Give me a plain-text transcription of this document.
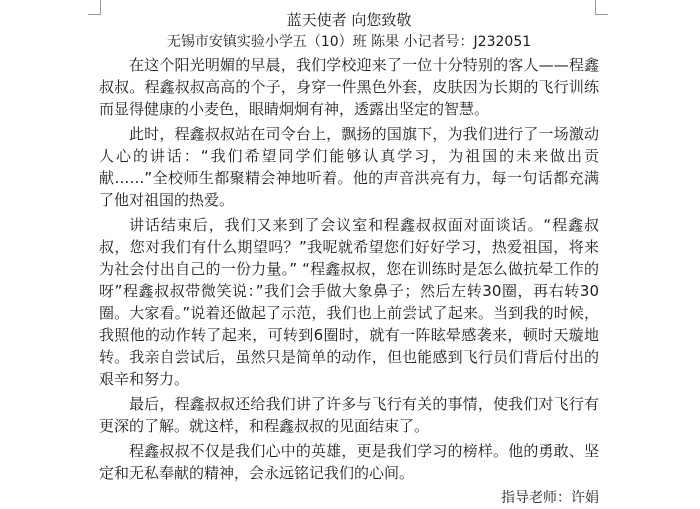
蓝天使者 向您致敬

无锡市安镇实验小学五（10）班 陈果 小记者号：J232051

在这个阳光明媚的早晨，我们学校迎来了一位十分特别的客人——程鑫叔叔。程鑫叔叔高高的个子，身穿一件黑色外套，皮肤因为长期的飞行训练而显得健康的小麦色，眼睛炯炯有神，透露出坚定的智慧。

此时，程鑫叔叔站在司令台上，飘扬的国旗下，为我们进行了一场激动人心的讲话：“我们希望同学们能够认真学习，为祖国的未来做出贡献……”全校师生都聚精会神地听着。他的声音洪亮有力，每一句话都充满了他对祖国的热爱。

讲话结束后，我们又来到了会议室和程鑫叔叔面对面谈话。“程鑫叔叔，您对我们有什么期望吗？”我呢就希望您们好好学习，热爱祖国，将来为社会付出自己的一份力量。” “程鑫叔叔，您在训练时是怎么做抗晕工作的呀”程鑫叔叔带微笑说：”我们会手做大象鼻子；然后左转30圈，再右转30圈。大家看。”说着还做起了示范，我们也上前尝试了起来。当到我的时候，我照他的动作转了起来，可转到6圈时，就有一阵眩晕感袭来，顿时天璇地转。我亲自尝试后，虽然只是简单的动作，但也能感到飞行员们背后付出的艰辛和努力。

最后，程鑫叔叔还给我们讲了许多与飞行有关的事情，使我们对飞行有更深的了解。就这样，和程鑫叔叔的见面结束了。

程鑫叔叔不仅是我们心中的英雄，更是我们学习的榜样。他的勇敢、坚定和无私奉献的精神，会永远铭记我们的心间。

指导老师：许娟
